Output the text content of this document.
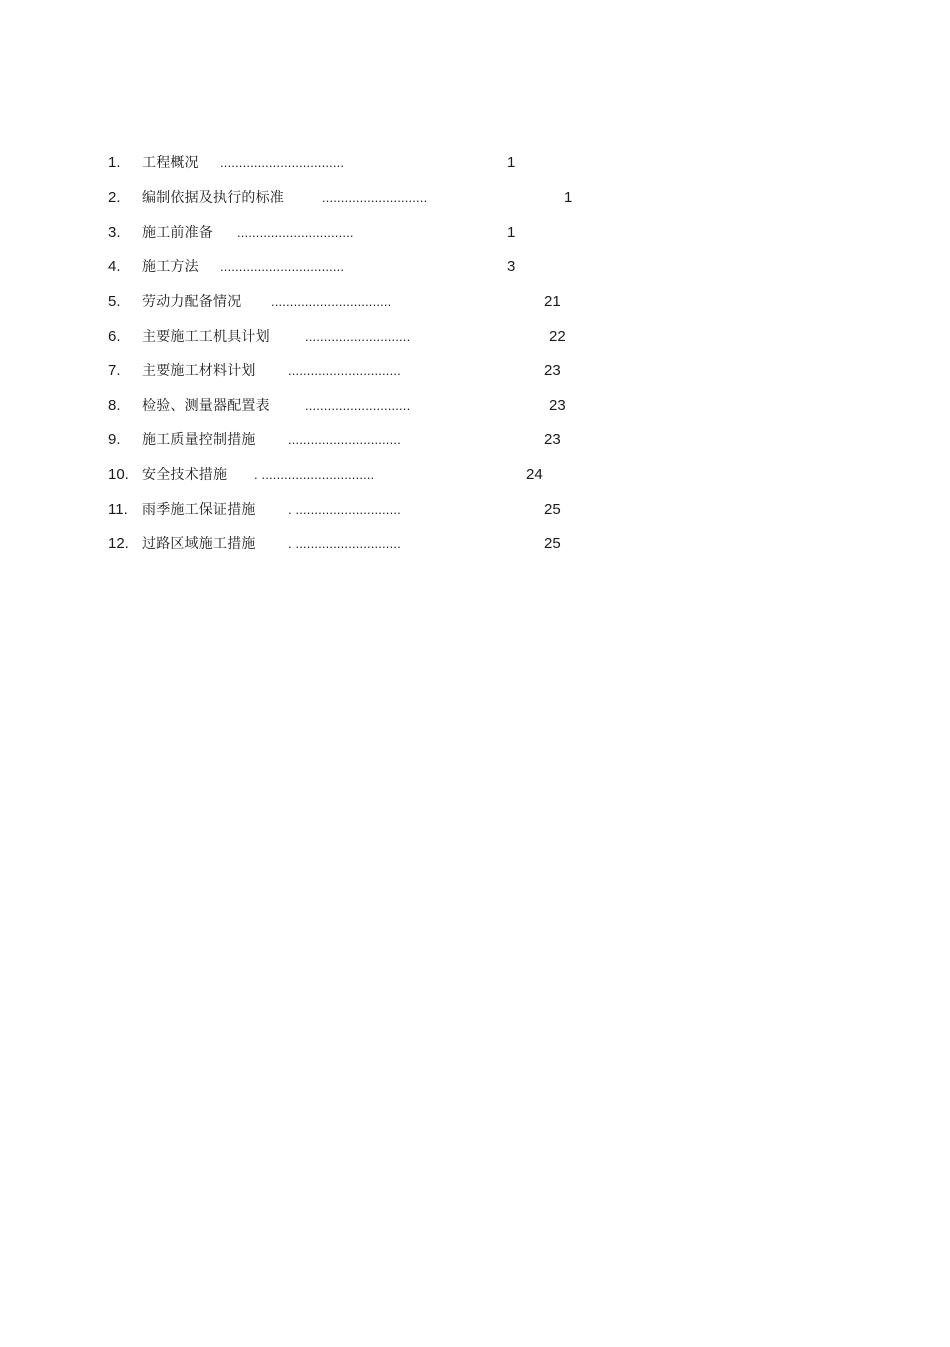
1. 工程概况 .................................	1
2. 编制依据及执行的标准	............................	1
3. 施工前准备 ...............................	1
4. 施工方法 .................................	3
5. 劳动力配备情况 ................................	21
6. 主要施工工机具计划	............................	22
7. 主要施工材料计划 ..............................	23
8. 检验、测量器配置表	............................	23
9. 施工质量控制措施 ..............................	23
10. 安全技术措施 . ..............................	24
11. 雨季施工保证措施 . ............................	25
12. 过路区域施工措施 . ............................	25
